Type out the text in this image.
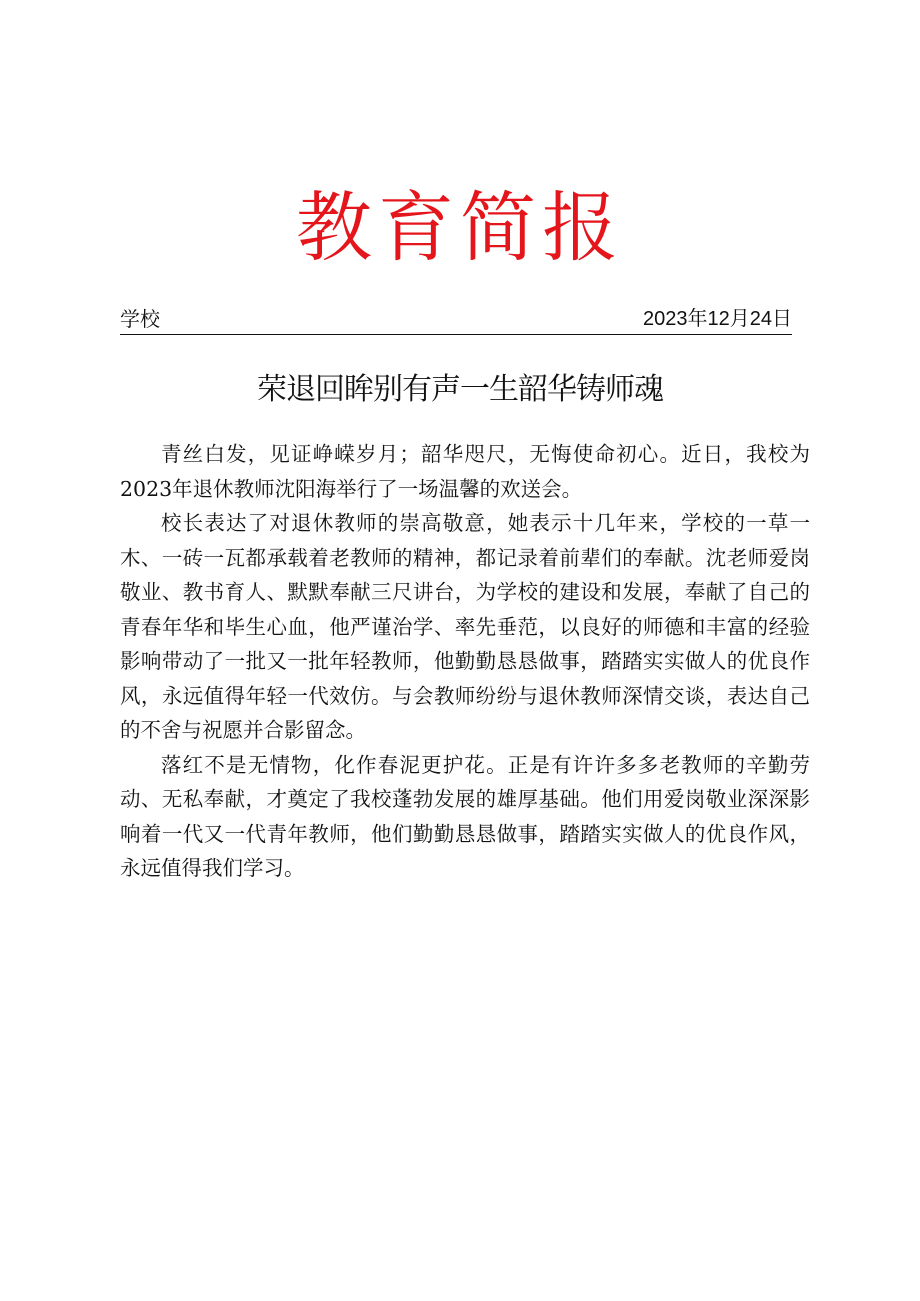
教育简报
学校	2023年12月24日
荣退回眸别有声一生韶华铸师魂

青丝白发，见证峥嵘岁月；韶华咫尺，无悔使命初心。近日，我校为2023年退休教师沈阳海举行了一场温馨的欢送会。

校长表达了对退休教师的崇高敬意，她表示十几年来，学校的一草一木、一砖一瓦都承载着老教师的精神，都记录着前辈们的奉献。沈老师爱岗敬业、教书育人、默默奉献三尺讲台，为学校的建设和发展，奉献了自己的青春年华和毕生心血，他严谨治学、率先垂范，以良好的师德和丰富的经验影响带动了一批又一批年轻教师，他勤勤恳恳做事，踏踏实实做人的优良作风，永远值得年轻一代效仿。与会教师纷纷与退休教师深情交谈，表达自己的不舍与祝愿并合影留念。

落红不是无情物，化作春泥更护花。正是有许许多多老教师的辛勤劳动、无私奉献，才奠定了我校蓬勃发展的雄厚基础。他们用爱岗敬业深深影响着一代又一代青年教师，他们勤勤恳恳做事，踏踏实实做人的优良作风，永远值得我们学习。
